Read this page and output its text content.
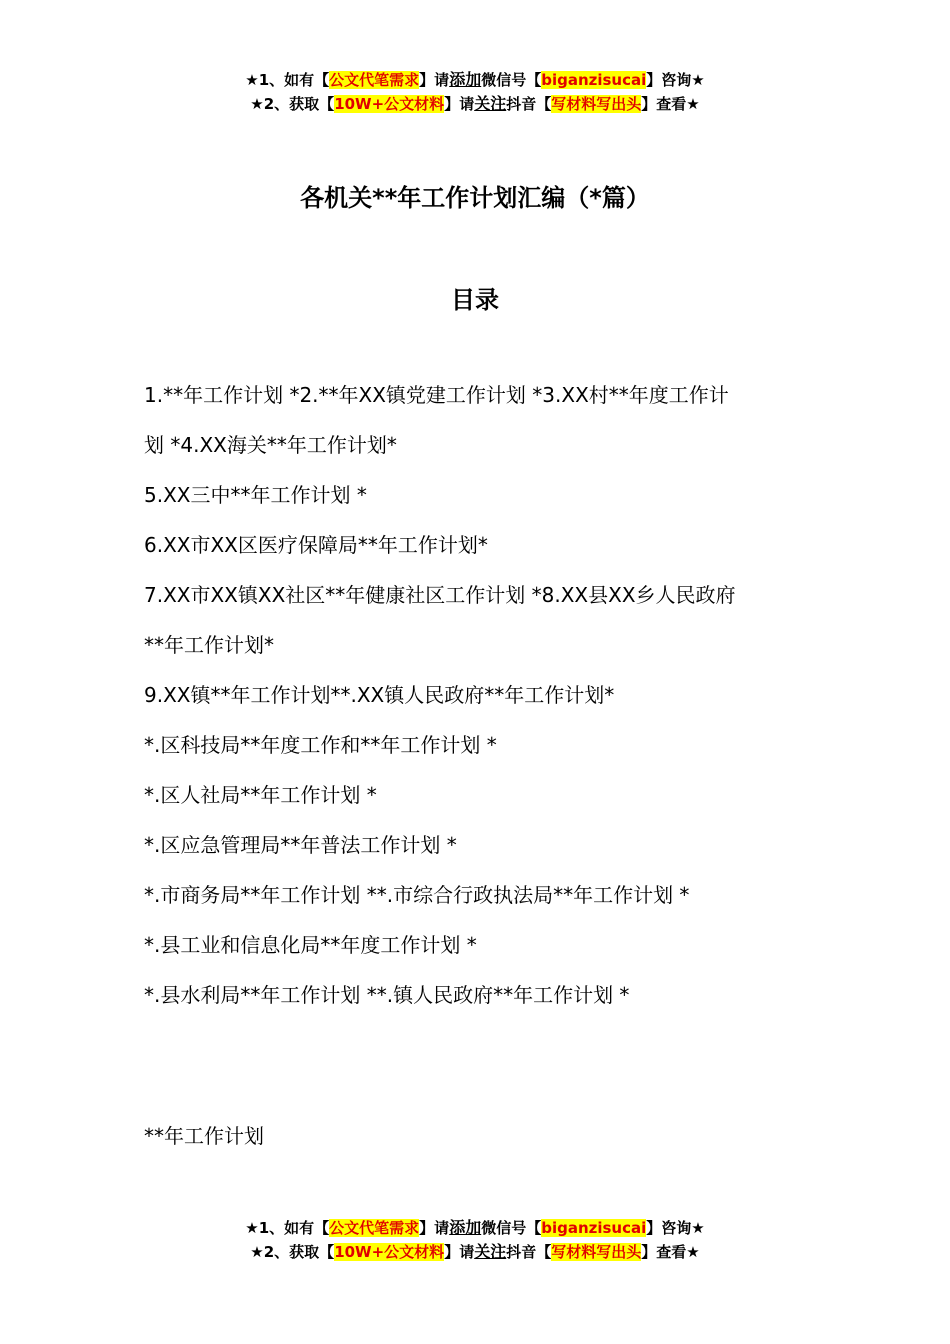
★1、如有【公文代笔需求】请添加微信号【biganzisucai】咨询★
★2、获取【10W+公文材料】请关注抖音【写材料写出头】查看★
各机关**年工作计划汇编（*篇）
目录
1.**年工作计划 *2.**年XX镇党建工作计划 *3.XX村**年度工作计
划 *4.XX海关**年工作计划*
5.XX三中**年工作计划 *
6.XX市XX区医疗保障局**年工作计划*
7.XX市XX镇XX社区**年健康社区工作计划 *8.XX县XX乡人民政府
**年工作计划*
9.XX镇**年工作计划**.XX镇人民政府**年工作计划*
*.区科技局**年度工作和**年工作计划 *
*.区人社局**年工作计划 *
*.区应急管理局**年普法工作计划 *
*.市商务局**年工作计划 **.市综合行政执法局**年工作计划 *
*.县工业和信息化局**年度工作计划 *
*.县水利局**年工作计划 **.镇人民政府**年工作计划 *
**年工作计划
★1、如有【公文代笔需求】请添加微信号【biganzisucai】咨询★
★2、获取【10W+公文材料】请关注抖音【写材料写出头】查看★
